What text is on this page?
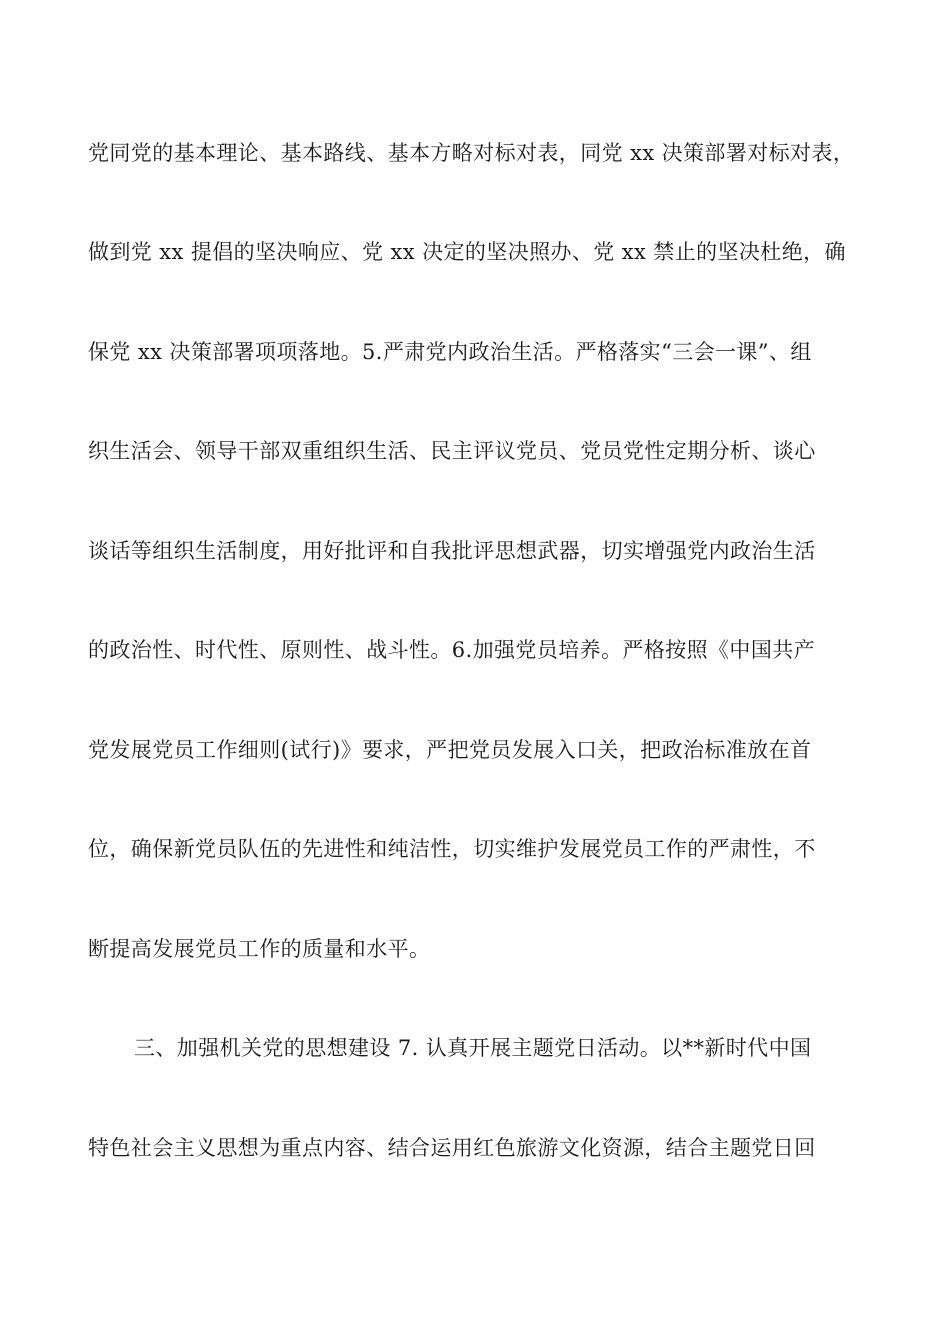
党同党的基本理论、基本路线、基本方略对标对表，同党 xx 决策部署对标对表，
做到党 xx 提倡的坚决响应、党 xx 决定的坚决照办、党 xx 禁止的坚决杜绝，确
保党 xx 决策部署项项落地。5.严肃党内政治生活。严格落实“三会一课”、组
织生活会、领导干部双重组织生活、民主评议党员、党员党性定期分析、谈心
谈话等组织生活制度，用好批评和自我批评思想武器，切实增强党内政治生活
的政治性、时代性、原则性、战斗性。6.加强党员培养。严格按照《中国共产
党发展党员工作细则(试行)》要求，严把党员发展入口关，把政治标准放在首
位，确保新党员队伍的先进性和纯洁性，切实维护发展党员工作的严肃性，不
断提高发展党员工作的质量和水平。
三、加强机关党的思想建设 7. 认真开展主题党日活动。以**新时代中国
特色社会主义思想为重点内容、结合运用红色旅游文化资源，结合主题党日回
